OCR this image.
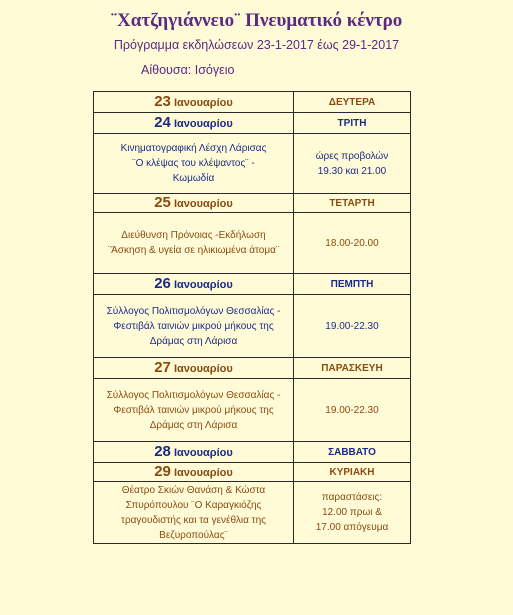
¨Χατζηγιάννειο¨ Πνευματικό κέντρο
Πρόγραμμα εκδηλώσεων 23-1-2017 έως 29-1-2017
Αίθουσα: Ισόγειο
23 Ιανουαρίου	ΔΕΥΤΕΡΑ
24 Ιανουαρίου	ΤΡΙΤΗ
Κινηματογραφική Λέσχη Λάρισας
¨Ο κλέψας του κλέψαντος¨ -
Κωμωδία	ώρες προβολών
19.30 και 21.00
25 Ιανουαρίου	ΤΕΤΑΡΤΗ
Διεύθυνση Πρόνοιας -Εκδήλωση
¨Άσκηση & υγεία σε ηλικιωμένα άτομα¨	18.00-20.00
26 Ιανουαρίου	ΠΕΜΠΤΗ
Σύλλογος Πολιτισμολόγων Θεσσαλίας -
Φεστιβάλ ταινιών μικρού μήκους της
Δράμας στη Λάρισα	19.00-22.30
27 Ιανουαρίου	ΠΑΡΑΣΚΕΥΗ
Σύλλογος Πολιτισμολόγων Θεσσαλίας -
Φεστιβάλ ταινιών μικρού μήκους της
Δράμας στη Λάρισα	19.00-22.30
28 Ιανουαρίου	ΣΑΒΒΑΤΟ
29 Ιανουαρίου	ΚΥΡΙΑΚΗ
Θέατρο Σκιών Θανάση & Κώστα
Σπυρόπουλου ¨Ο Καραγκιόζης
τραγουδιστής και τα γενέθλια της
Βεζυροπούλας¨	παραστάσεις:
12.00 πρωι &
17.00 απόγευμα
